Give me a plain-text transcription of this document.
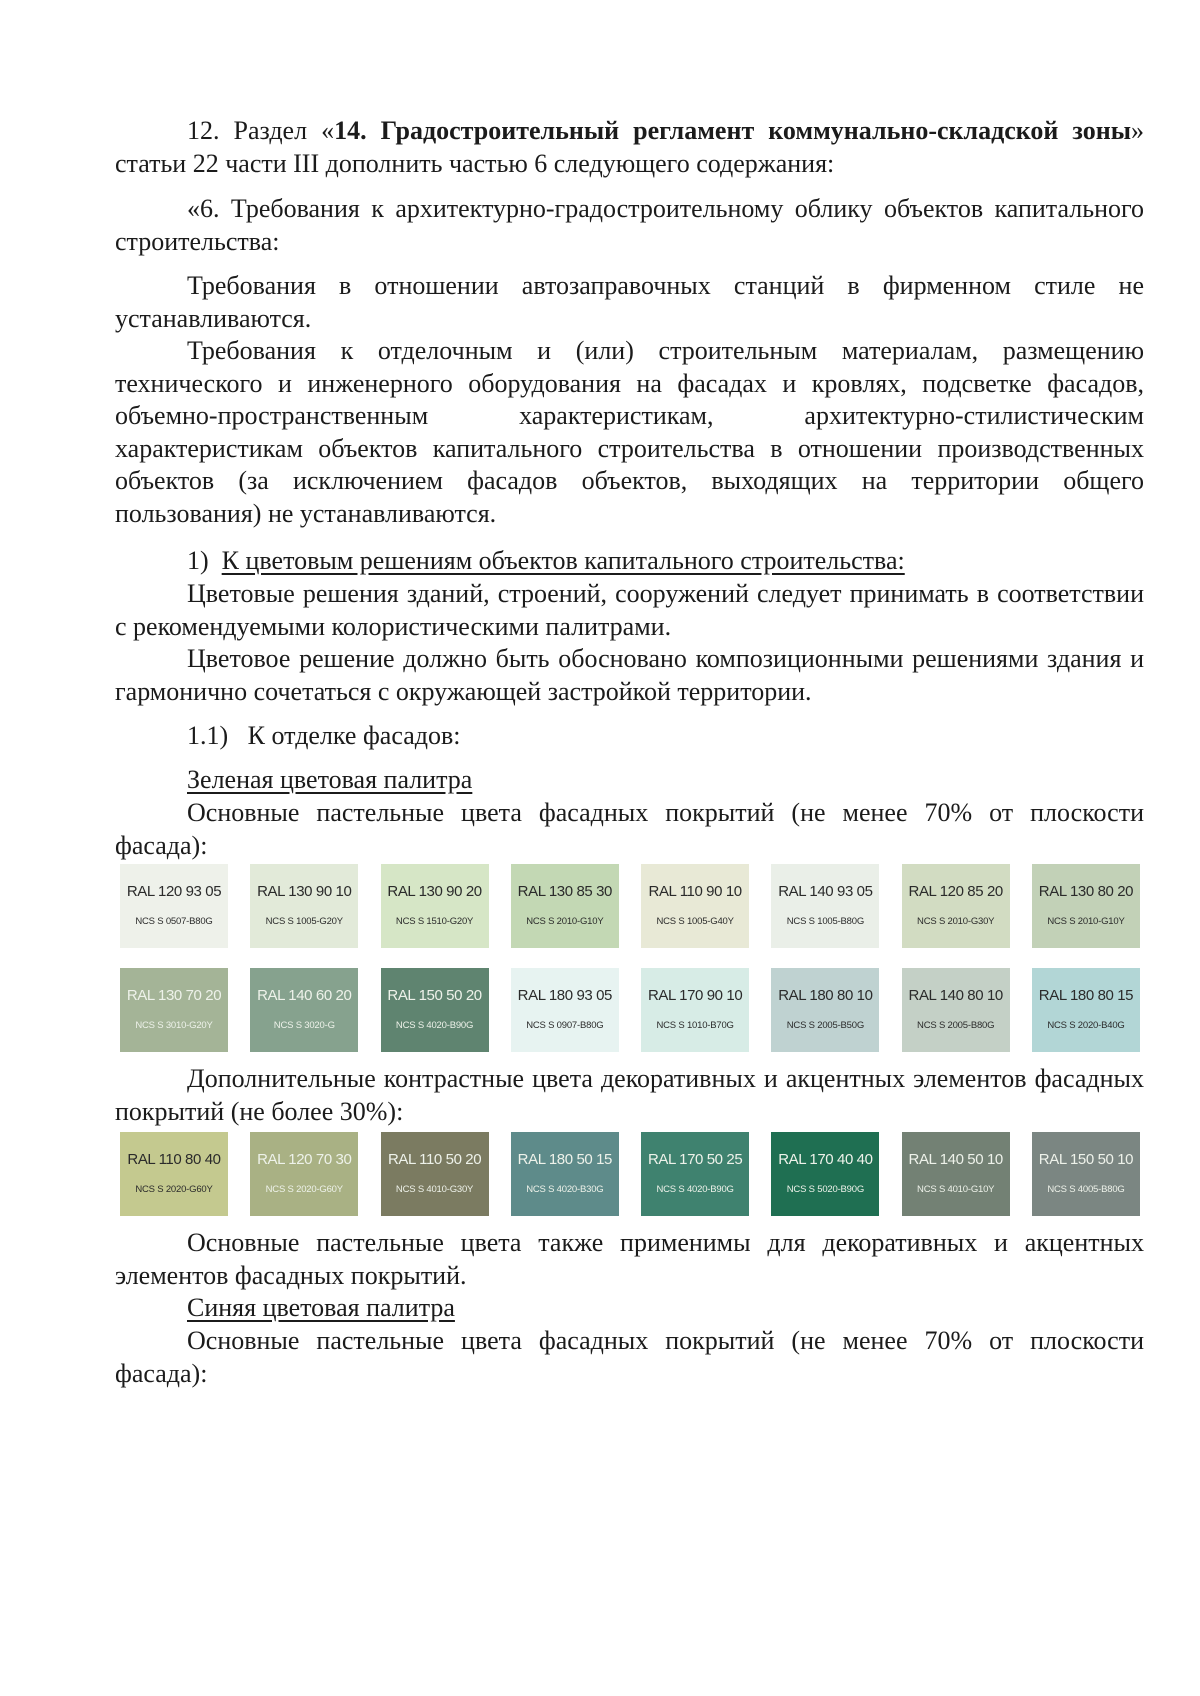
12. Раздел «14. Градостроительный регламент коммунально-складской зоны» статьи 22 части III дополнить частью 6 следующего содержания:
«6. Требования к архитектурно-градостроительному облику объектов капитального строительства:
Требования в отношении автозаправочных станций в фирменном стиле не устанавливаются.
Требования к отделочным и (или) строительным материалам, размещению технического и инженерного оборудования на фасадах и кровлях, подсветке фасадов, объемно-пространственным характеристикам, архитектурно-стилистическим характеристикам объектов капитального строительства в отношении производственных объектов (за исключением фасадов объектов, выходящих на территории общего пользования) не устанавливаются.
1) К цветовым решениям объектов капитального строительства:
Цветовые решения зданий, строений, сооружений следует принимать в соответствии с рекомендуемыми колористическими палитрами.
Цветовое решение должно быть обосновано композиционными решениями здания и гармонично сочетаться с окружающей застройкой территории.
1.1) К отделке фасадов:
Зеленая цветовая палитра
Основные пастельные цвета фасадных покрытий (не менее 70% от плоскости фасада):
RAL 120 93 05
NCS S 0507-B80G
RAL 130 90 10
NCS S 1005-G20Y
RAL 130 90 20
NCS S 1510-G20Y
RAL 130 85 30
NCS S 2010-G10Y
RAL 110 90 10
NCS S 1005-G40Y
RAL 140 93 05
NCS S 1005-B80G
RAL 120 85 20
NCS S 2010-G30Y
RAL 130 80 20
NCS S 2010-G10Y
RAL 130 70 20
NCS S 3010-G20Y
RAL 140 60 20
NCS S 3020-G
RAL 150 50 20
NCS S 4020-B90G
RAL 180 93 05
NCS S 0907-B80G
RAL 170 90 10
NCS S 1010-B70G
RAL 180 80 10
NCS S 2005-B50G
RAL 140 80 10
NCS S 2005-B80G
RAL 180 80 15
NCS S 2020-B40G
Дополнительные контрастные цвета декоративных и акцентных элементов фасадных покрытий (не более 30%):
RAL 110 80 40
NCS S 2020-G60Y
RAL 120 70 30
NCS S 2020-G60Y
RAL 110 50 20
NCS S 4010-G30Y
RAL 180 50 15
NCS S 4020-B30G
RAL 170 50 25
NCS S 4020-B90G
RAL 170 40 40
NCS S 5020-B90G
RAL 140 50 10
NCS S 4010-G10Y
RAL 150 50 10
NCS S 4005-B80G
Основные пастельные цвета также применимы для декоративных и акцентных элементов фасадных покрытий.
Синяя цветовая палитра
Основные пастельные цвета фасадных покрытий (не менее 70% от плоскости фасада):
